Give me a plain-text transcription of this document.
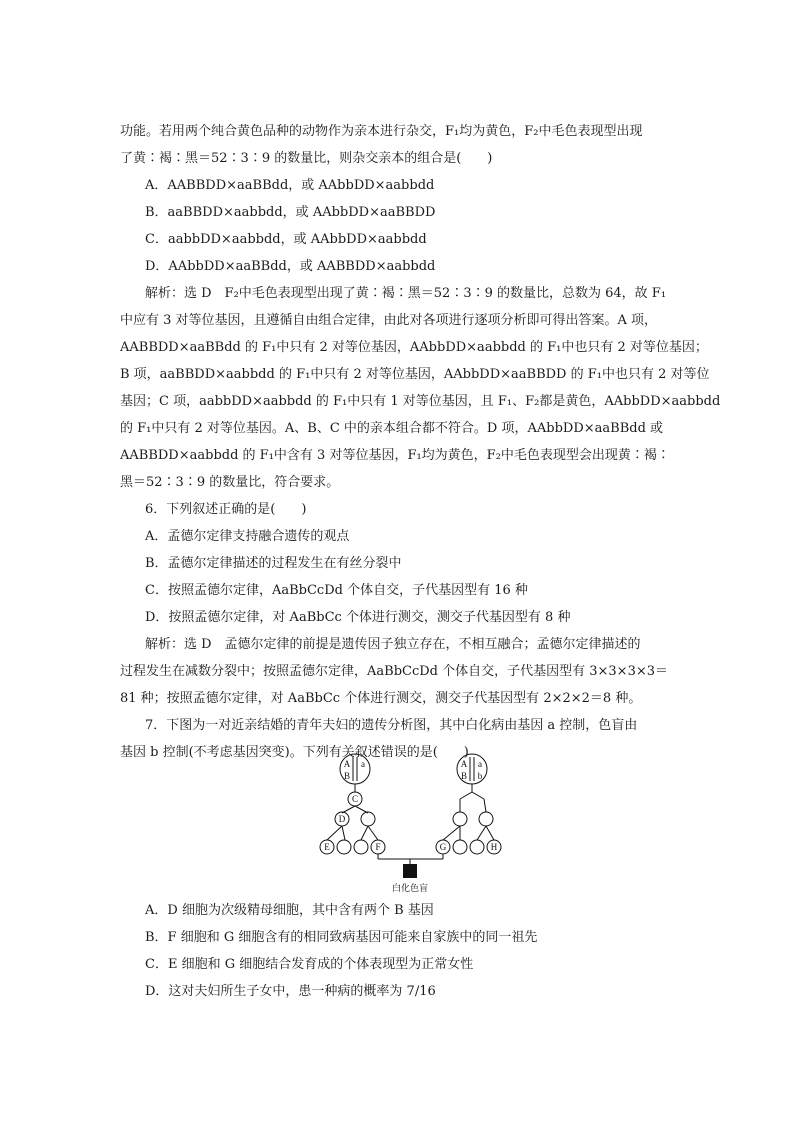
功能。若用两个纯合黄色品种的动物作为亲本进行杂交，F₁均为黄色，F₂中毛色表现型出现
了黄∶褐∶黑＝52∶3∶9 的数量比，则杂交亲本的组合是(　　)
A．AABBDD×aaBBdd，或 AAbbDD×aabbdd
B．aaBBDD×aabbdd，或 AAbbDD×aaBBDD
C．aabbDD×aabbdd，或 AAbbDD×aabbdd
D．AAbbDD×aaBBdd，或 AABBDD×aabbdd
解析：选 D　F₂中毛色表现型出现了黄∶褐∶黑＝52∶3∶9 的数量比，总数为 64，故 F₁
中应有 3 对等位基因，且遵循自由组合定律，由此对各项进行逐项分析即可得出答案。A 项，
AABBDD×aaBBdd 的 F₁中只有 2 对等位基因，AAbbDD×aabbdd 的 F₁中也只有 2 对等位基因；
B 项，aaBBDD×aabbdd 的 F₁中只有 2 对等位基因，AAbbDD×aaBBDD 的 F₁中也只有 2 对等位
基因；C 项，aabbDD×aabbdd 的 F₁中只有 1 对等位基因，且 F₁、F₂都是黄色，AAbbDD×aabbdd
的 F₁中只有 2 对等位基因。A、B、C 中的亲本组合都不符合。D 项，AAbbDD×aaBBdd 或
AABBDD×aabbdd 的 F₁中含有 3 对等位基因，F₁均为黄色，F₂中毛色表现型会出现黄∶褐∶
黑＝52∶3∶9 的数量比，符合要求。
6．下列叙述正确的是(　　)
A．孟德尔定律支持融合遗传的观点
B．孟德尔定律描述的过程发生在有丝分裂中
C．按照孟德尔定律，AaBbCcDd 个体自交，子代基因型有 16 种
D．按照孟德尔定律，对 AaBbCc 个体进行测交，测交子代基因型有 8 种
解析：选 D　孟德尔定律的前提是遗传因子独立存在，不相互融合；孟德尔定律描述的
过程发生在减数分裂中；按照孟德尔定律，AaBbCcDd 个体自交，子代基因型有 3×3×3×3＝
81 种；按照孟德尔定律，对 AaBbCc 个体进行测交，测交子代基因型有 2×2×2＝8 种。
7．下图为一对近亲结婚的青年夫妇的遗传分析图，其中白化病由基因 a 控制，色盲由
基因 b 控制(不考虑基因突变)。下列有关叙述错误的是(　　)
A a
B
A a
B b
C
D
E	F	G	H
白化色盲
A．D 细胞为次级精母细胞，其中含有两个 B 基因
B．F 细胞和 G 细胞含有的相同致病基因可能来自家族中的同一祖先
C．E 细胞和 G 细胞结合发育成的个体表现型为正常女性
D．这对夫妇所生子女中，患一种病的概率为 7/16
